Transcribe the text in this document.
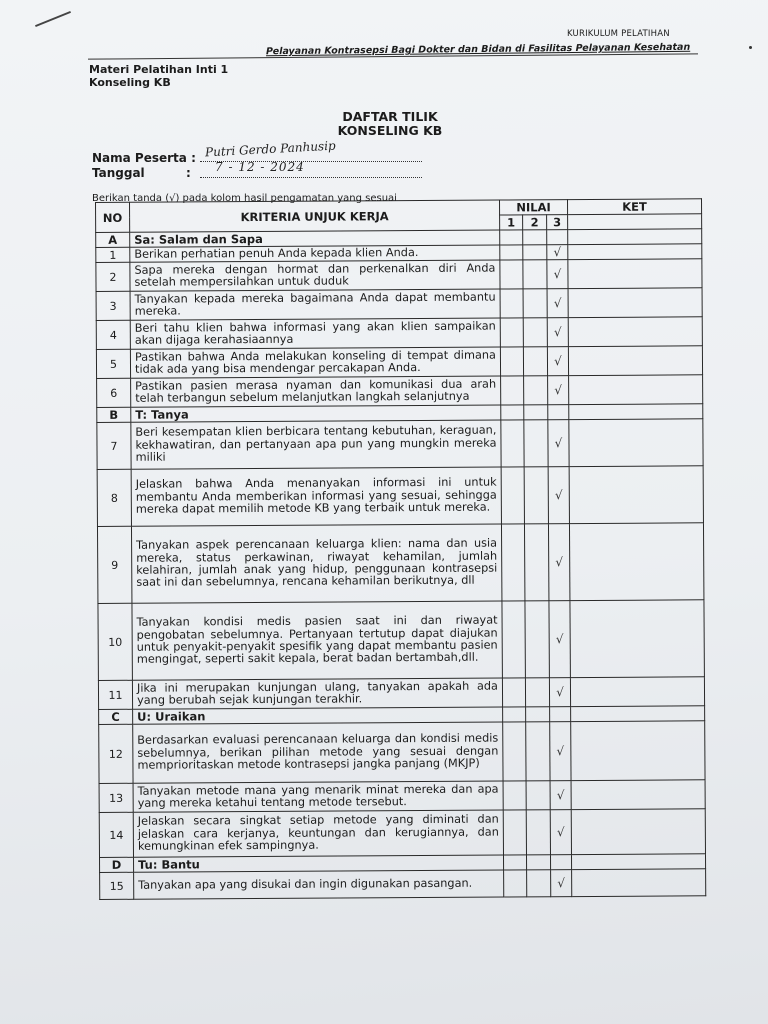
KURIKULUM PELATIHAN
Pelayanan Kontrasepsi Bagi Dokter dan Bidan di Fasilitas Pelayanan Kesehatan
Materi Pelatihan Inti 1
Konseling KB
DAFTAR TILIK
KONSELING KB
Nama Peserta : Putri Gerdo Panhusip
Tanggal	: 7 - 12 - 2024
Berikan tanda (√) pada kolom hasil pengamatan yang sesuai
NO	KRITERIA UNJUK KERJA	NILAI			KET
		1	2	3	
A	Sa: Salam dan Sapa				
1	Berikan perhatian penuh Anda kepada klien Anda.			√	
2	Sapa mereka dengan hormat dan perkenalkan diri Anda setelah mempersilahkan untuk duduk			√	
3	Tanyakan kepada mereka bagaimana Anda dapat membantu mereka.			√	
4	Beri tahu klien bahwa informasi yang akan klien sampaikan akan dijaga kerahasiaannya			√	
5	Pastikan bahwa Anda melakukan konseling di tempat dimana tidak ada yang bisa mendengar percakapan Anda.			√	
6	Pastikan pasien merasa nyaman dan komunikasi dua arah telah terbangun sebelum melanjutkan langkah selanjutnya			√	
B	T: Tanya				
7	Beri kesempatan klien berbicara tentang kebutuhan, keraguan, kekhawatiran, dan pertanyaan apa pun yang mungkin mereka miliki			√	
8	Jelaskan bahwa Anda menanyakan informasi ini untuk membantu Anda memberikan informasi yang sesuai, sehingga mereka dapat memilih metode KB yang terbaik untuk mereka.			√	
9	Tanyakan aspek perencanaan keluarga klien: nama dan usia mereka, status perkawinan, riwayat kehamilan, jumlah kelahiran, jumlah anak yang hidup, penggunaan kontrasepsi saat ini dan sebelumnya, rencana kehamilan berikutnya, dll			√	
10	Tanyakan kondisi medis pasien saat ini dan riwayat pengobatan sebelumnya. Pertanyaan tertutup dapat diajukan untuk penyakit-penyakit spesifik yang dapat membantu pasien mengingat, seperti sakit kepala, berat badan bertambah,dll.			√	
11	Jika ini merupakan kunjungan ulang, tanyakan apakah ada yang berubah sejak kunjungan terakhir.			√	
C	U: Uraikan				
12	Berdasarkan evaluasi perencanaan keluarga dan kondisi medis sebelumnya, berikan pilihan metode yang sesuai dengan memprioritaskan metode kontrasepsi jangka panjang (MKJP)			√	
13	Tanyakan metode mana yang menarik minat mereka dan apa yang mereka ketahui tentang metode tersebut.			√	
14	Jelaskan secara singkat setiap metode yang diminati dan jelaskan cara kerjanya, keuntungan dan kerugiannya, dan kemungkinan efek sampingnya.			√	
D	Tu: Bantu				
15	Tanyakan apa yang disukai dan ingin digunakan pasangan.			√	
